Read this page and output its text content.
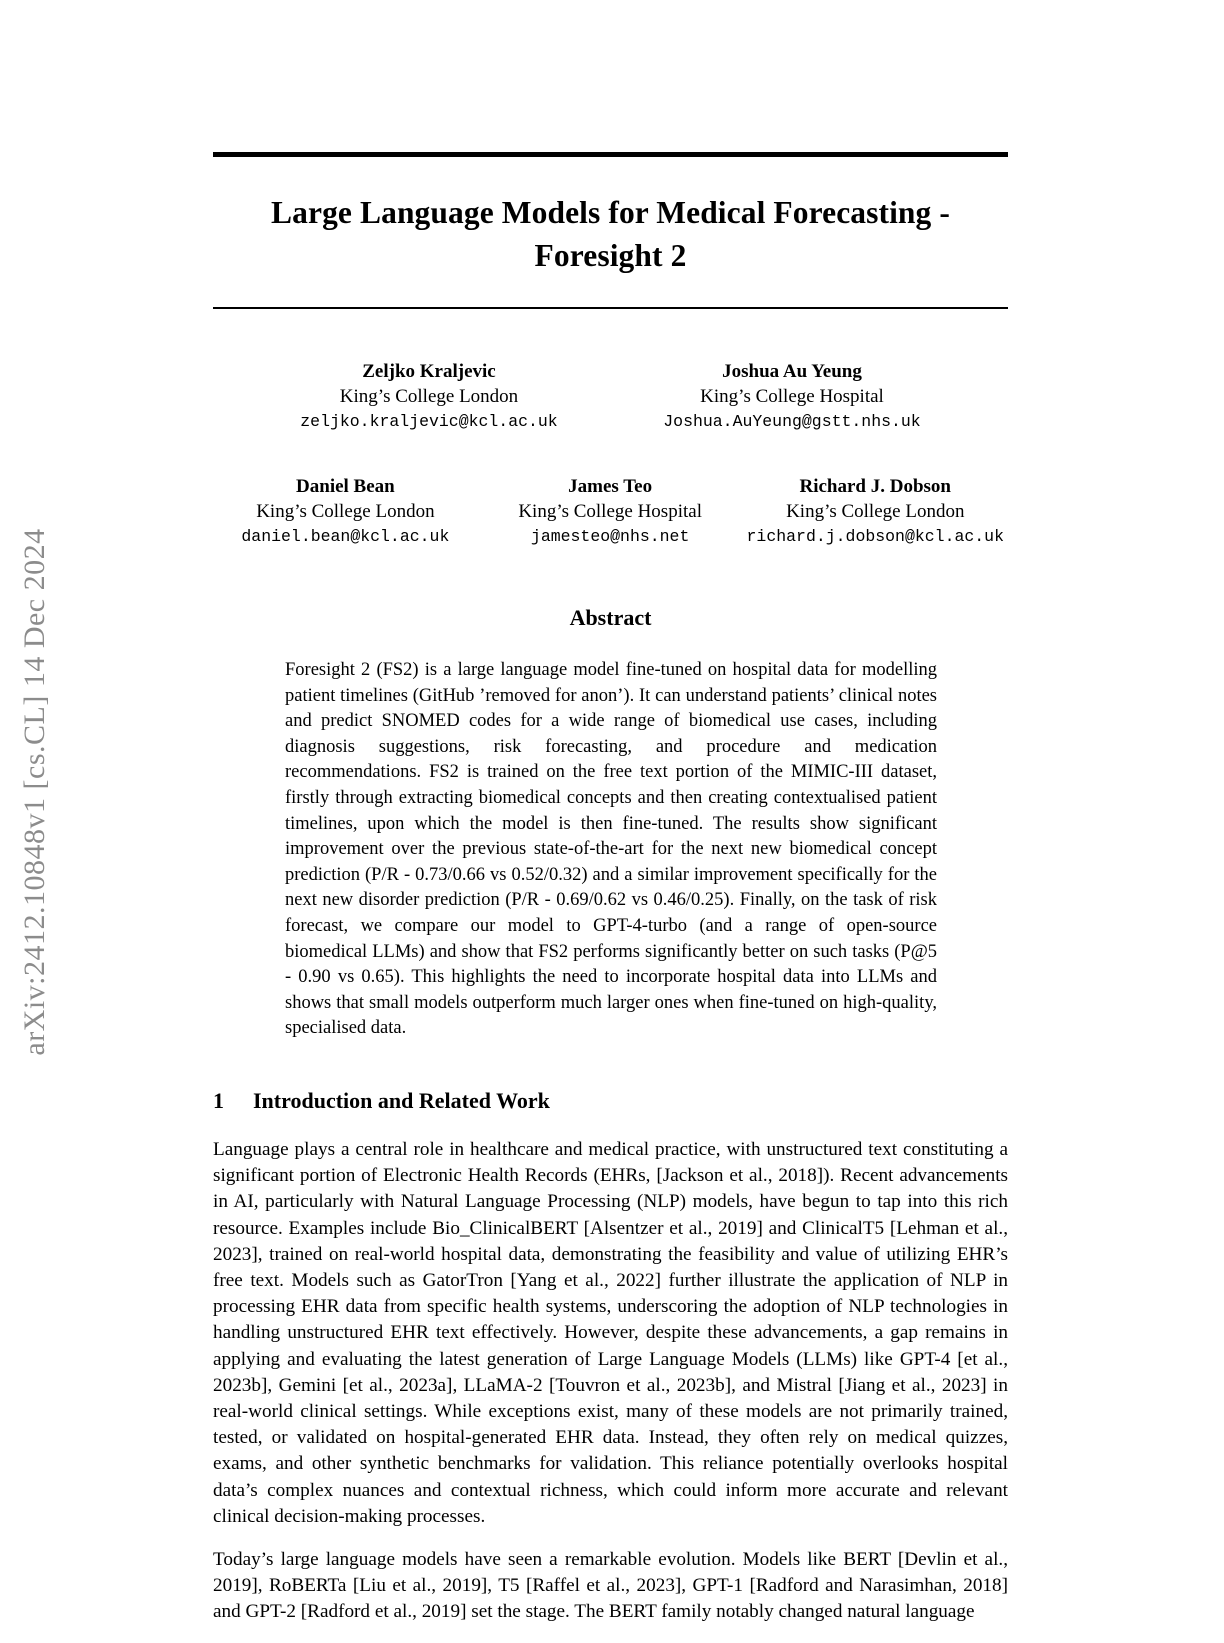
arXiv:2412.10848v1 [cs.CL] 14 Dec 2024
Large Language Models for Medical Forecasting - Foresight 2
Zeljko Kraljevic
King’s College London
zeljko.kraljevic@kcl.ac.uk
Joshua Au Yeung
King’s College Hospital
Joshua.AuYeung@gstt.nhs.uk
Daniel Bean
King’s College London
daniel.bean@kcl.ac.uk
James Teo
King’s College Hospital
jamesteo@nhs.net
Richard J. Dobson
King’s College London
richard.j.dobson@kcl.ac.uk
Abstract
Foresight 2 (FS2) is a large language model fine-tuned on hospital data for modelling patient timelines (GitHub ’removed for anon’). It can understand patients’ clinical notes and predict SNOMED codes for a wide range of biomedical use cases, including diagnosis suggestions, risk forecasting, and procedure and medication recommendations. FS2 is trained on the free text portion of the MIMIC-III dataset, firstly through extracting biomedical concepts and then creating contextualised patient timelines, upon which the model is then fine-tuned. The results show significant improvement over the previous state-of-the-art for the next new biomedical concept prediction (P/R - 0.73/0.66 vs 0.52/0.32) and a similar improvement specifically for the next new disorder prediction (P/R - 0.69/0.62 vs 0.46/0.25). Finally, on the task of risk forecast, we compare our model to GPT-4-turbo (and a range of open-source biomedical LLMs) and show that FS2 performs significantly better on such tasks (P@5 - 0.90 vs 0.65). This highlights the need to incorporate hospital data into LLMs and shows that small models outperform much larger ones when fine-tuned on high-quality, specialised data.
1 Introduction and Related Work

Language plays a central role in healthcare and medical practice, with unstructured text constituting a significant portion of Electronic Health Records (EHRs, [Jackson et al., 2018]). Recent advancements in AI, particularly with Natural Language Processing (NLP) models, have begun to tap into this rich resource. Examples include Bio_ClinicalBERT [Alsentzer et al., 2019] and ClinicalT5 [Lehman et al., 2023], trained on real-world hospital data, demonstrating the feasibility and value of utilizing EHR’s free text. Models such as GatorTron [Yang et al., 2022] further illustrate the application of NLP in processing EHR data from specific health systems, underscoring the adoption of NLP technologies in handling unstructured EHR text effectively. However, despite these advancements, a gap remains in applying and evaluating the latest generation of Large Language Models (LLMs) like GPT-4 [et al., 2023b], Gemini [et al., 2023a], LLaMA-2 [Touvron et al., 2023b], and Mistral [Jiang et al., 2023] in real-world clinical settings. While exceptions exist, many of these models are not primarily trained, tested, or validated on hospital-generated EHR data. Instead, they often rely on medical quizzes, exams, and other synthetic benchmarks for validation. This reliance potentially overlooks hospital data’s complex nuances and contextual richness, which could inform more accurate and relevant clinical decision-making processes.

Today’s large language models have seen a remarkable evolution. Models like BERT [Devlin et al., 2019], RoBERTa [Liu et al., 2019], T5 [Raffel et al., 2023], GPT-1 [Radford and Narasimhan, 2018] and GPT-2 [Radford et al., 2019] set the stage. The BERT family notably changed natural language
